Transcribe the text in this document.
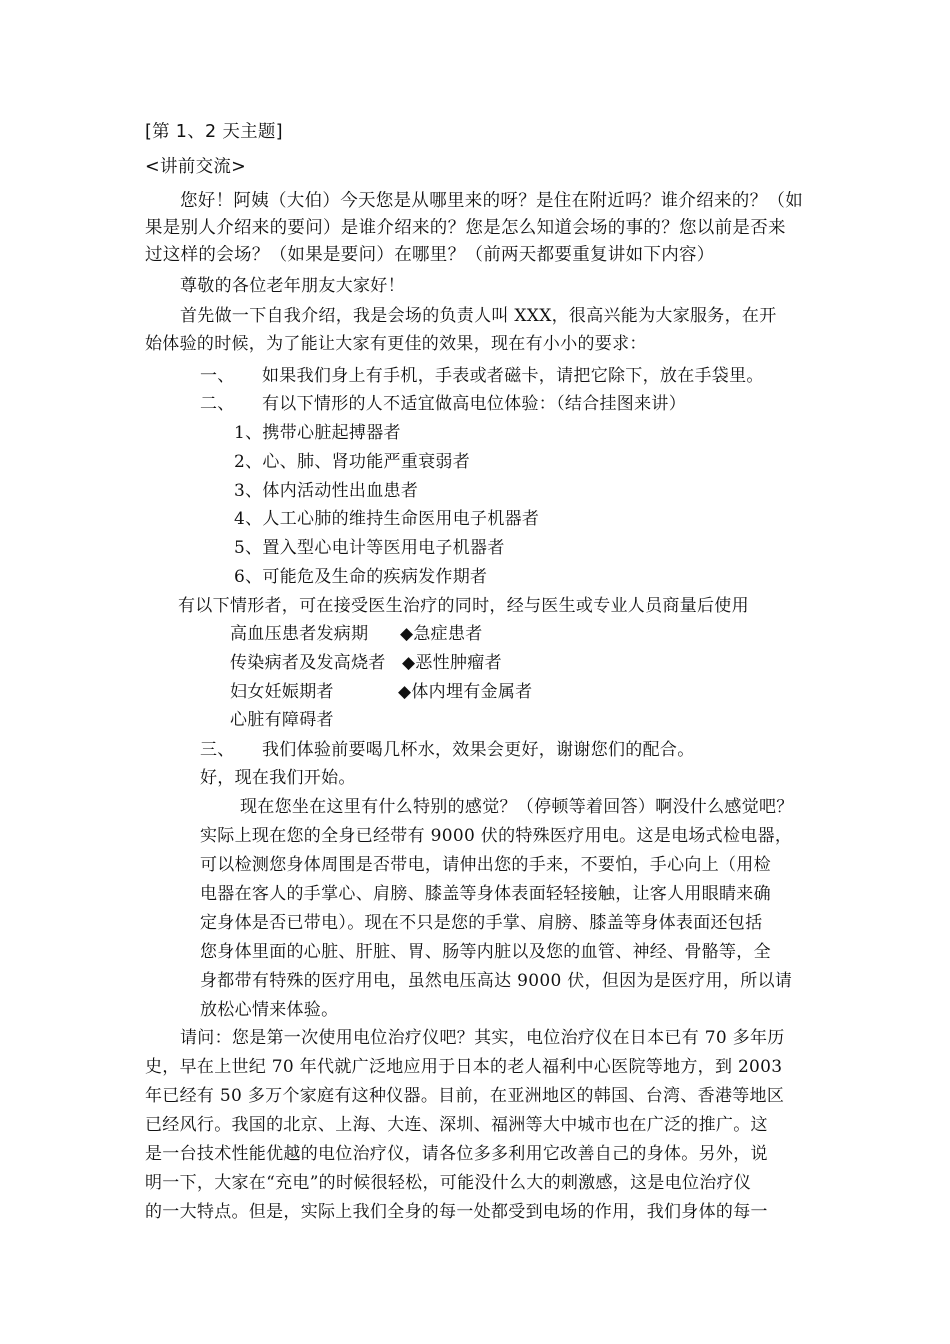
[第 1、2 天主题]
<讲前交流>
您好！阿姨（大伯）今天您是从哪里来的呀？是住在附近吗？谁介绍来的？（如
果是别人介绍来的要问）是谁介绍来的？您是怎么知道会场的事的？您以前是否来
过这样的会场？（如果是要问）在哪里？（前两天都要重复讲如下内容）
尊敬的各位老年朋友大家好！
首先做一下自我介绍，我是会场的负责人叫 XXX，很高兴能为大家服务，在开
始体验的时候，为了能让大家有更佳的效果，现在有小小的要求：
一、 如果我们身上有手机，手表或者磁卡，请把它除下，放在手袋里。
二、 有以下情形的人不适宜做高电位体验：（结合挂图来讲）
1、携带心脏起搏器者
2、心、肺、肾功能严重衰弱者
3、体内活动性出血患者
4、人工心肺的维持生命医用电子机器者
5、置入型心电计等医用电子机器者
6、可能危及生命的疾病发作期者
有以下情形者，可在接受医生治疗的同时，经与医生或专业人员商量后使用
高血压患者发病期
传染病者及发高烧者
妇女妊娠期者
心脏有障碍者
◆急症患者
◆恶性肿瘤者
◆体内埋有金属者
三、 我们体验前要喝几杯水，效果会更好，谢谢您们的配合。
好，现在我们开始。
现在您坐在这里有什么特别的感觉？（停顿等着回答）啊没什么感觉吧？
实际上现在您的全身已经带有 9000 伏的特殊医疗用电。这是电场式检电器，
可以检测您身体周围是否带电，请伸出您的手来，不要怕，手心向上（用检
电器在客人的手掌心、肩膀、膝盖等身体表面轻轻接触，让客人用眼睛来确
定身体是否已带电）。现在不只是您的手掌、肩膀、膝盖等身体表面还包括
您身体里面的心脏、肝脏、胃、肠等内脏以及您的血管、神经、骨骼等，全
身都带有特殊的医疗用电，虽然电压高达 9000 伏，但因为是医疗用，所以请
放松心情来体验。
请问：您是第一次使用电位治疗仪吧？其实，电位治疗仪在日本已有 70 多年历
史，早在上世纪 70 年代就广泛地应用于日本的老人福利中心医院等地方，到 2003
年已经有 50 多万个家庭有这种仪器。目前，在亚洲地区的韩国、台湾、香港等地区
已经风行。我国的北京、上海、大连、深圳、福洲等大中城市也在广泛的推广。这
是一台技术性能优越的电位治疗仪，请各位多多利用它改善自己的身体。另外，说
明一下，大家在“充电”的时候很轻松，可能没什么大的刺激感，这是电位治疗仪
的一大特点。但是，实际上我们全身的每一处都受到电场的作用，我们身体的每一
